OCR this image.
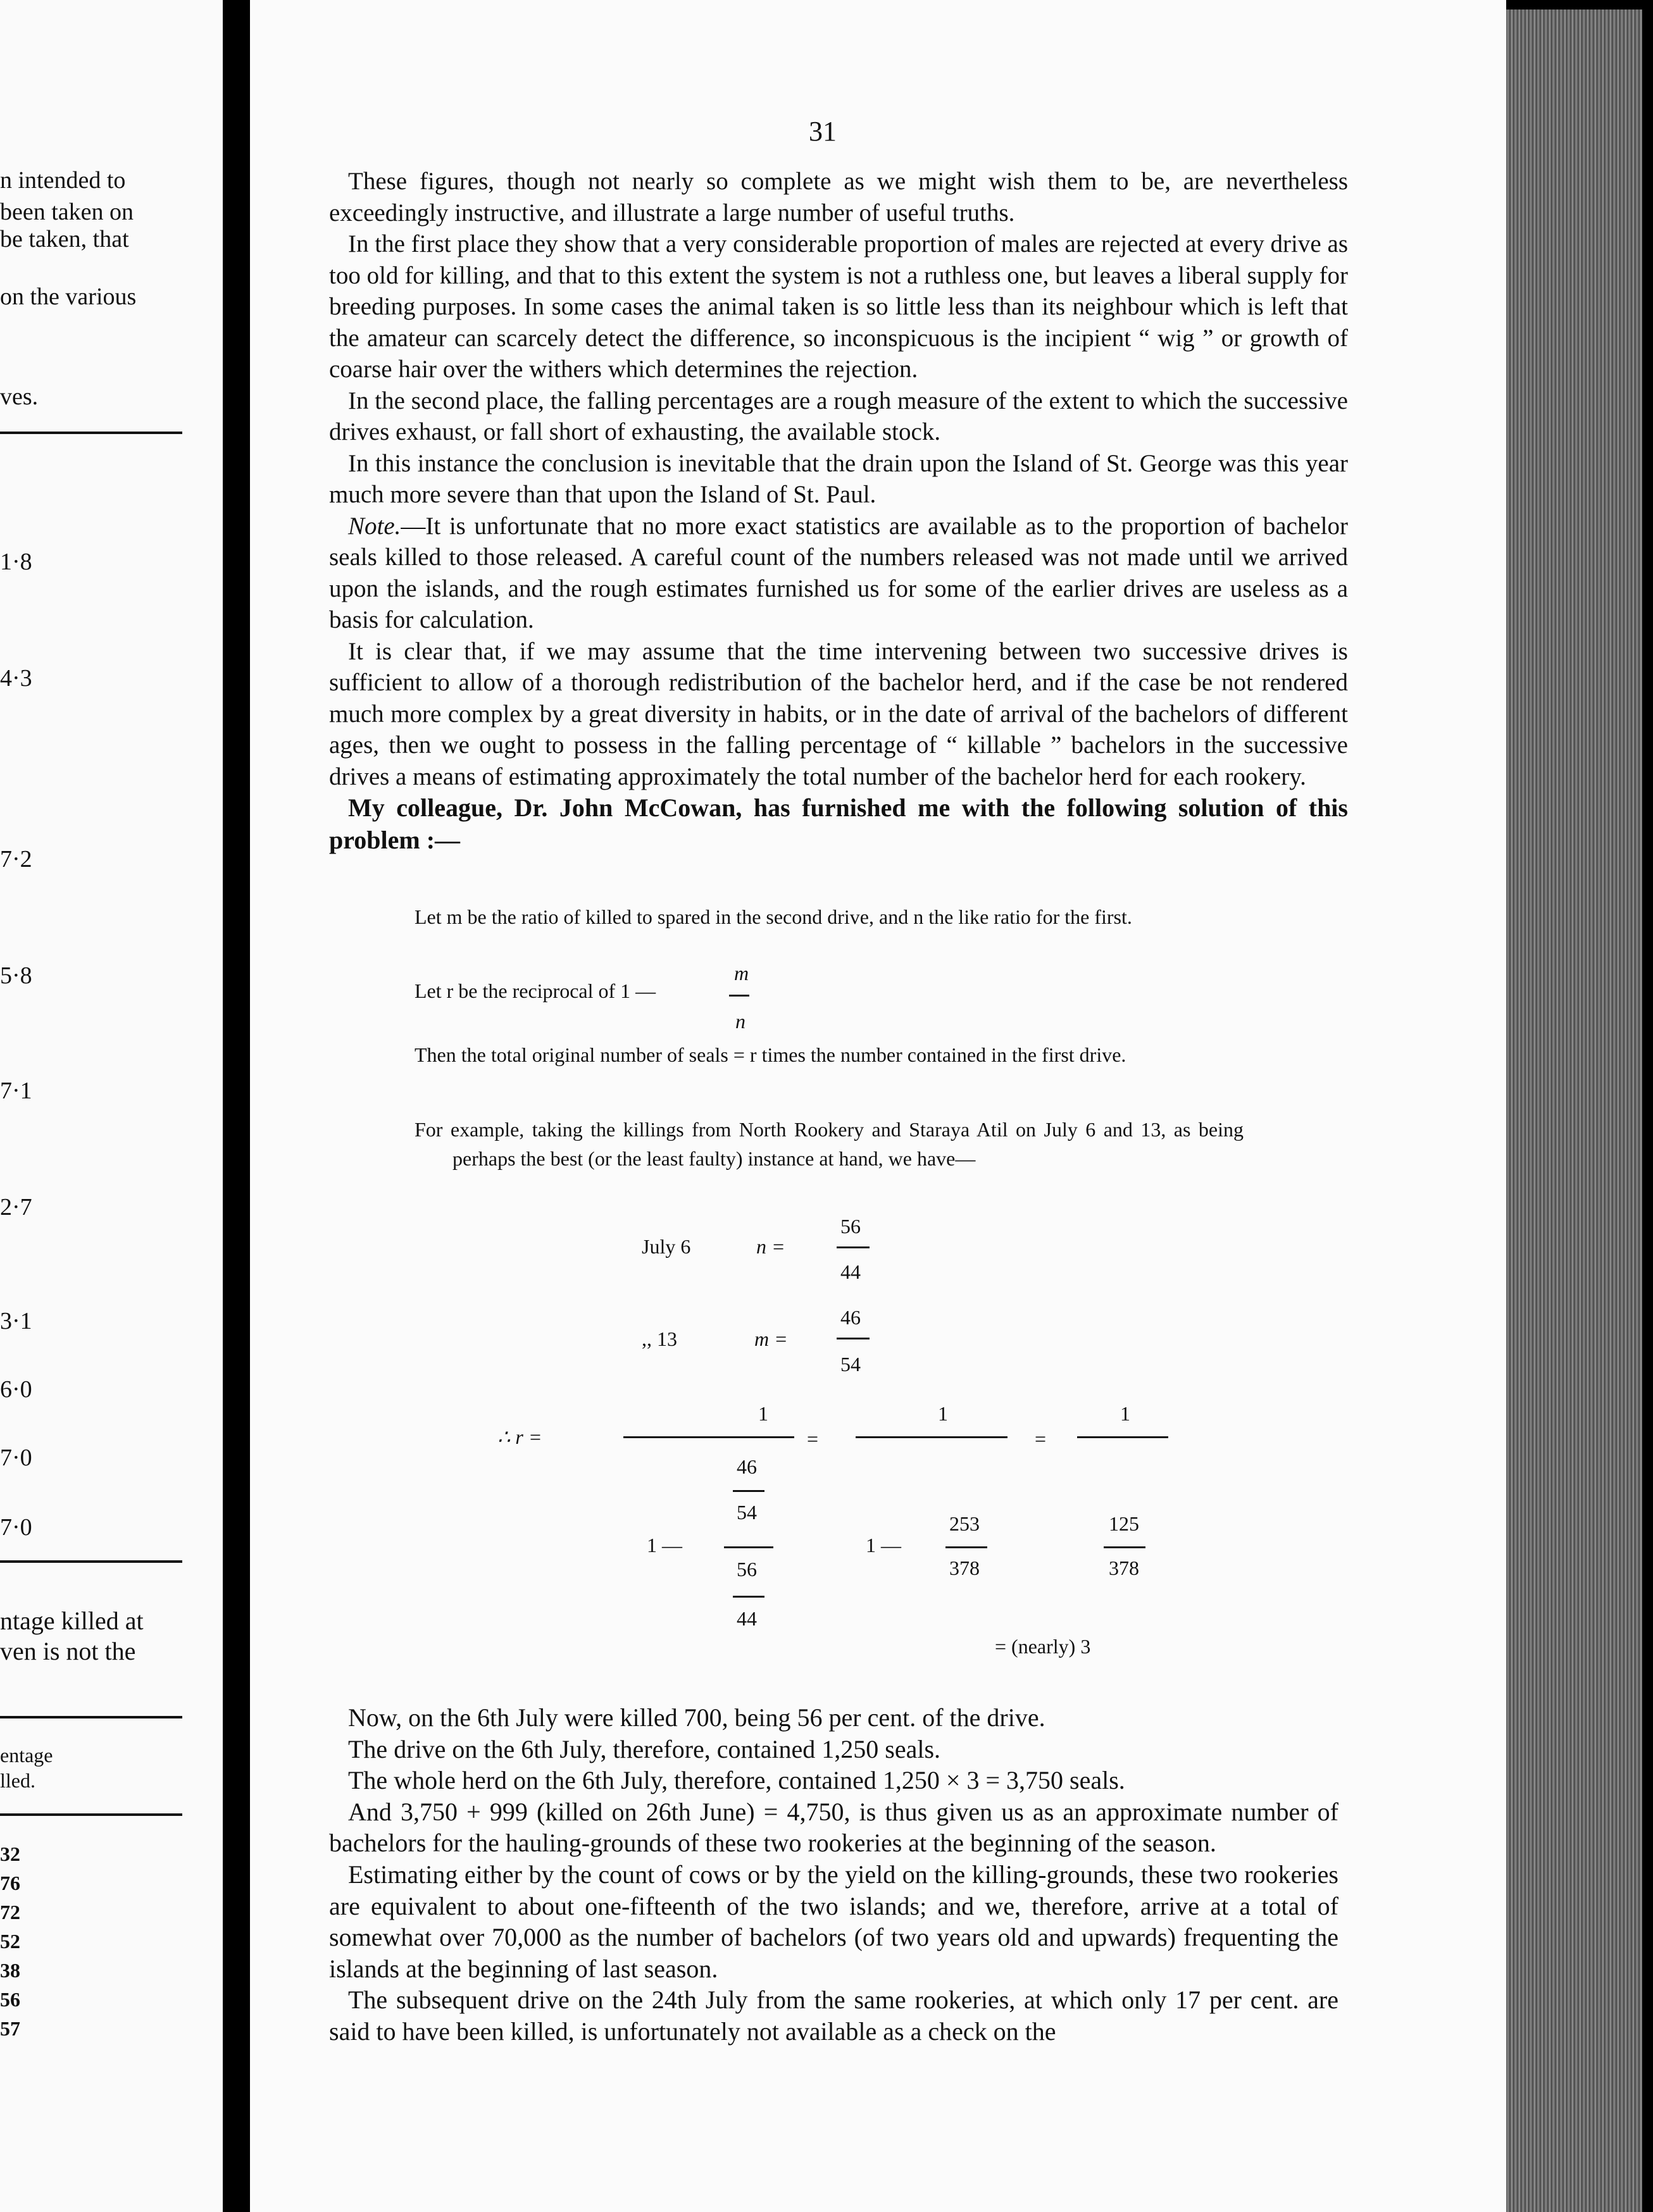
n intended to
been taken on
be taken, that
on the various
ves.
1·8
4·3
7·2
5·8
7·1
2·7
3·1
6·0
7·0
7·0
ntage killed at
ven is not the
entage
lled.
32
76
72
52
38
56
57
31

These figures, though not nearly so complete as we might wish them to be, are nevertheless exceedingly instructive, and illustrate a large number of useful truths.

In the first place they show that a very considerable proportion of males are rejected at every drive as too old for killing, and that to this extent the system is not a ruthless one, but leaves a liberal supply for breeding purposes. In some cases the animal taken is so little less than its neighbour which is left that the amateur can scarcely detect the difference, so inconspicuous is the incipient “ wig ” or growth of coarse hair over the withers which determines the rejection.

In the second place, the falling percentages are a rough measure of the extent to which the successive drives exhaust, or fall short of exhausting, the available stock.

In this instance the conclusion is inevitable that the drain upon the Island of St. George was this year much more severe than that upon the Island of St. Paul.

Note.—It is unfortunate that no more exact statistics are available as to the proportion of bachelor seals killed to those released. A careful count of the numbers released was not made until we arrived upon the islands, and the rough estimates furnished us for some of the earlier drives are useless as a basis for calculation.

It is clear that, if we may assume that the time intervening between two successive drives is sufficient to allow of a thorough redistribution of the bachelor herd, and if the case be not rendered much more complex by a great diversity in habits, or in the date of arrival of the bachelors of different ages, then we ought to possess in the falling percentage of “ killable ” bachelors in the successive drives a means of estimating approximately the total number of the bachelor herd for each rookery.

My colleague, Dr. John McCowan, has furnished me with the following solution of this problem :—

Let m be the ratio of killed to spared in the second drive, and n the like ratio for the first.
Let r be the reciprocal of 1 —
m
n
Then the total original number of seals = r times the number contained in the first drive.
For example, taking the killings from North Rookery and Staraya Atil on July 6 and 13, as being perhaps the best (or the least faulty) instance at hand, we have—
July 6	n =
56
44
,, 13	m =
46
54
∴ r =
1
1 —
46
54
56
44
=
1
1 —
253
378
=
1
125
378
= (nearly) 3

Now, on the 6th July were killed 700, being 56 per cent. of the drive.

The drive on the 6th July, therefore, contained 1,250 seals.

The whole herd on the 6th July, therefore, contained 1,250 × 3 = 3,750 seals.

And 3,750 + 999 (killed on 26th June) = 4,750, is thus given us as an approximate number of bachelors for the hauling-grounds of these two rookeries at the beginning of the season.

Estimating either by the count of cows or by the yield on the killing-grounds, these two rookeries are equivalent to about one-fifteenth of the two islands; and we, therefore, arrive at a total of somewhat over 70,000 as the number of bachelors (of two years old and upwards) frequenting the islands at the beginning of last season.

The subsequent drive on the 24th July from the same rookeries, at which only 17 per cent. are said to have been killed, is unfortunately not available as a check on the
